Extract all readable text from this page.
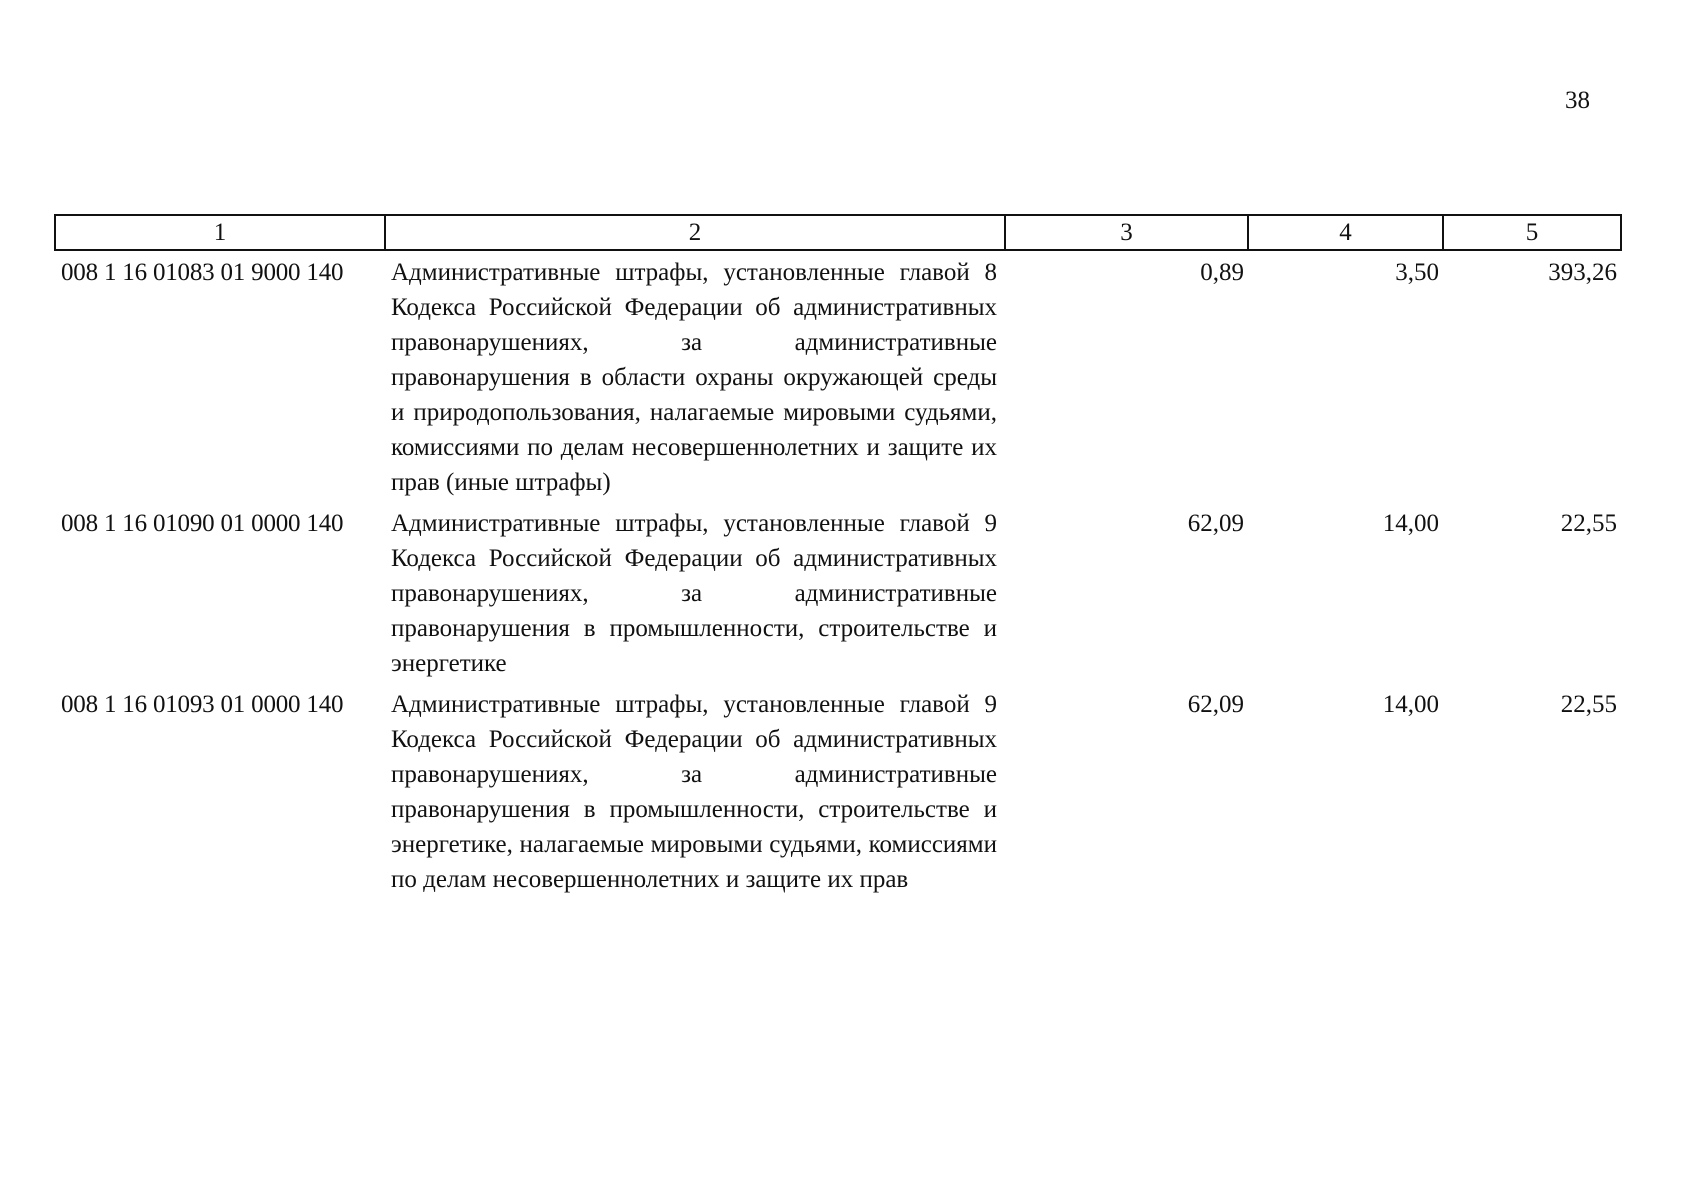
38
1	2	3	4	5
008 1 16 01083 01 9000 140	Административные штрафы, установленные главой 8 Кодекса Российской Федерации об административных правонарушениях, за административные правонарушения в области охраны окружающей среды и природопользования, налагаемые мировыми судьями, комиссиями по делам несовершеннолетних и защите их прав (иные штрафы)	0,89	3,50	393,26
008 1 16 01090 01 0000 140	Административные штрафы, установленные главой 9 Кодекса Российской Федерации об административных правонарушениях, за административные правонарушения в промышленности, строительстве и энергетике	62,09	14,00	22,55
008 1 16 01093 01 0000 140	Административные штрафы, установленные главой 9 Кодекса Российской Федерации об административных правонарушениях, за административные правонарушения в промышленности, строительстве и энергетике, налагаемые мировыми судьями, комиссиями по делам несовершеннолетних и защите их прав	62,09	14,00	22,55
